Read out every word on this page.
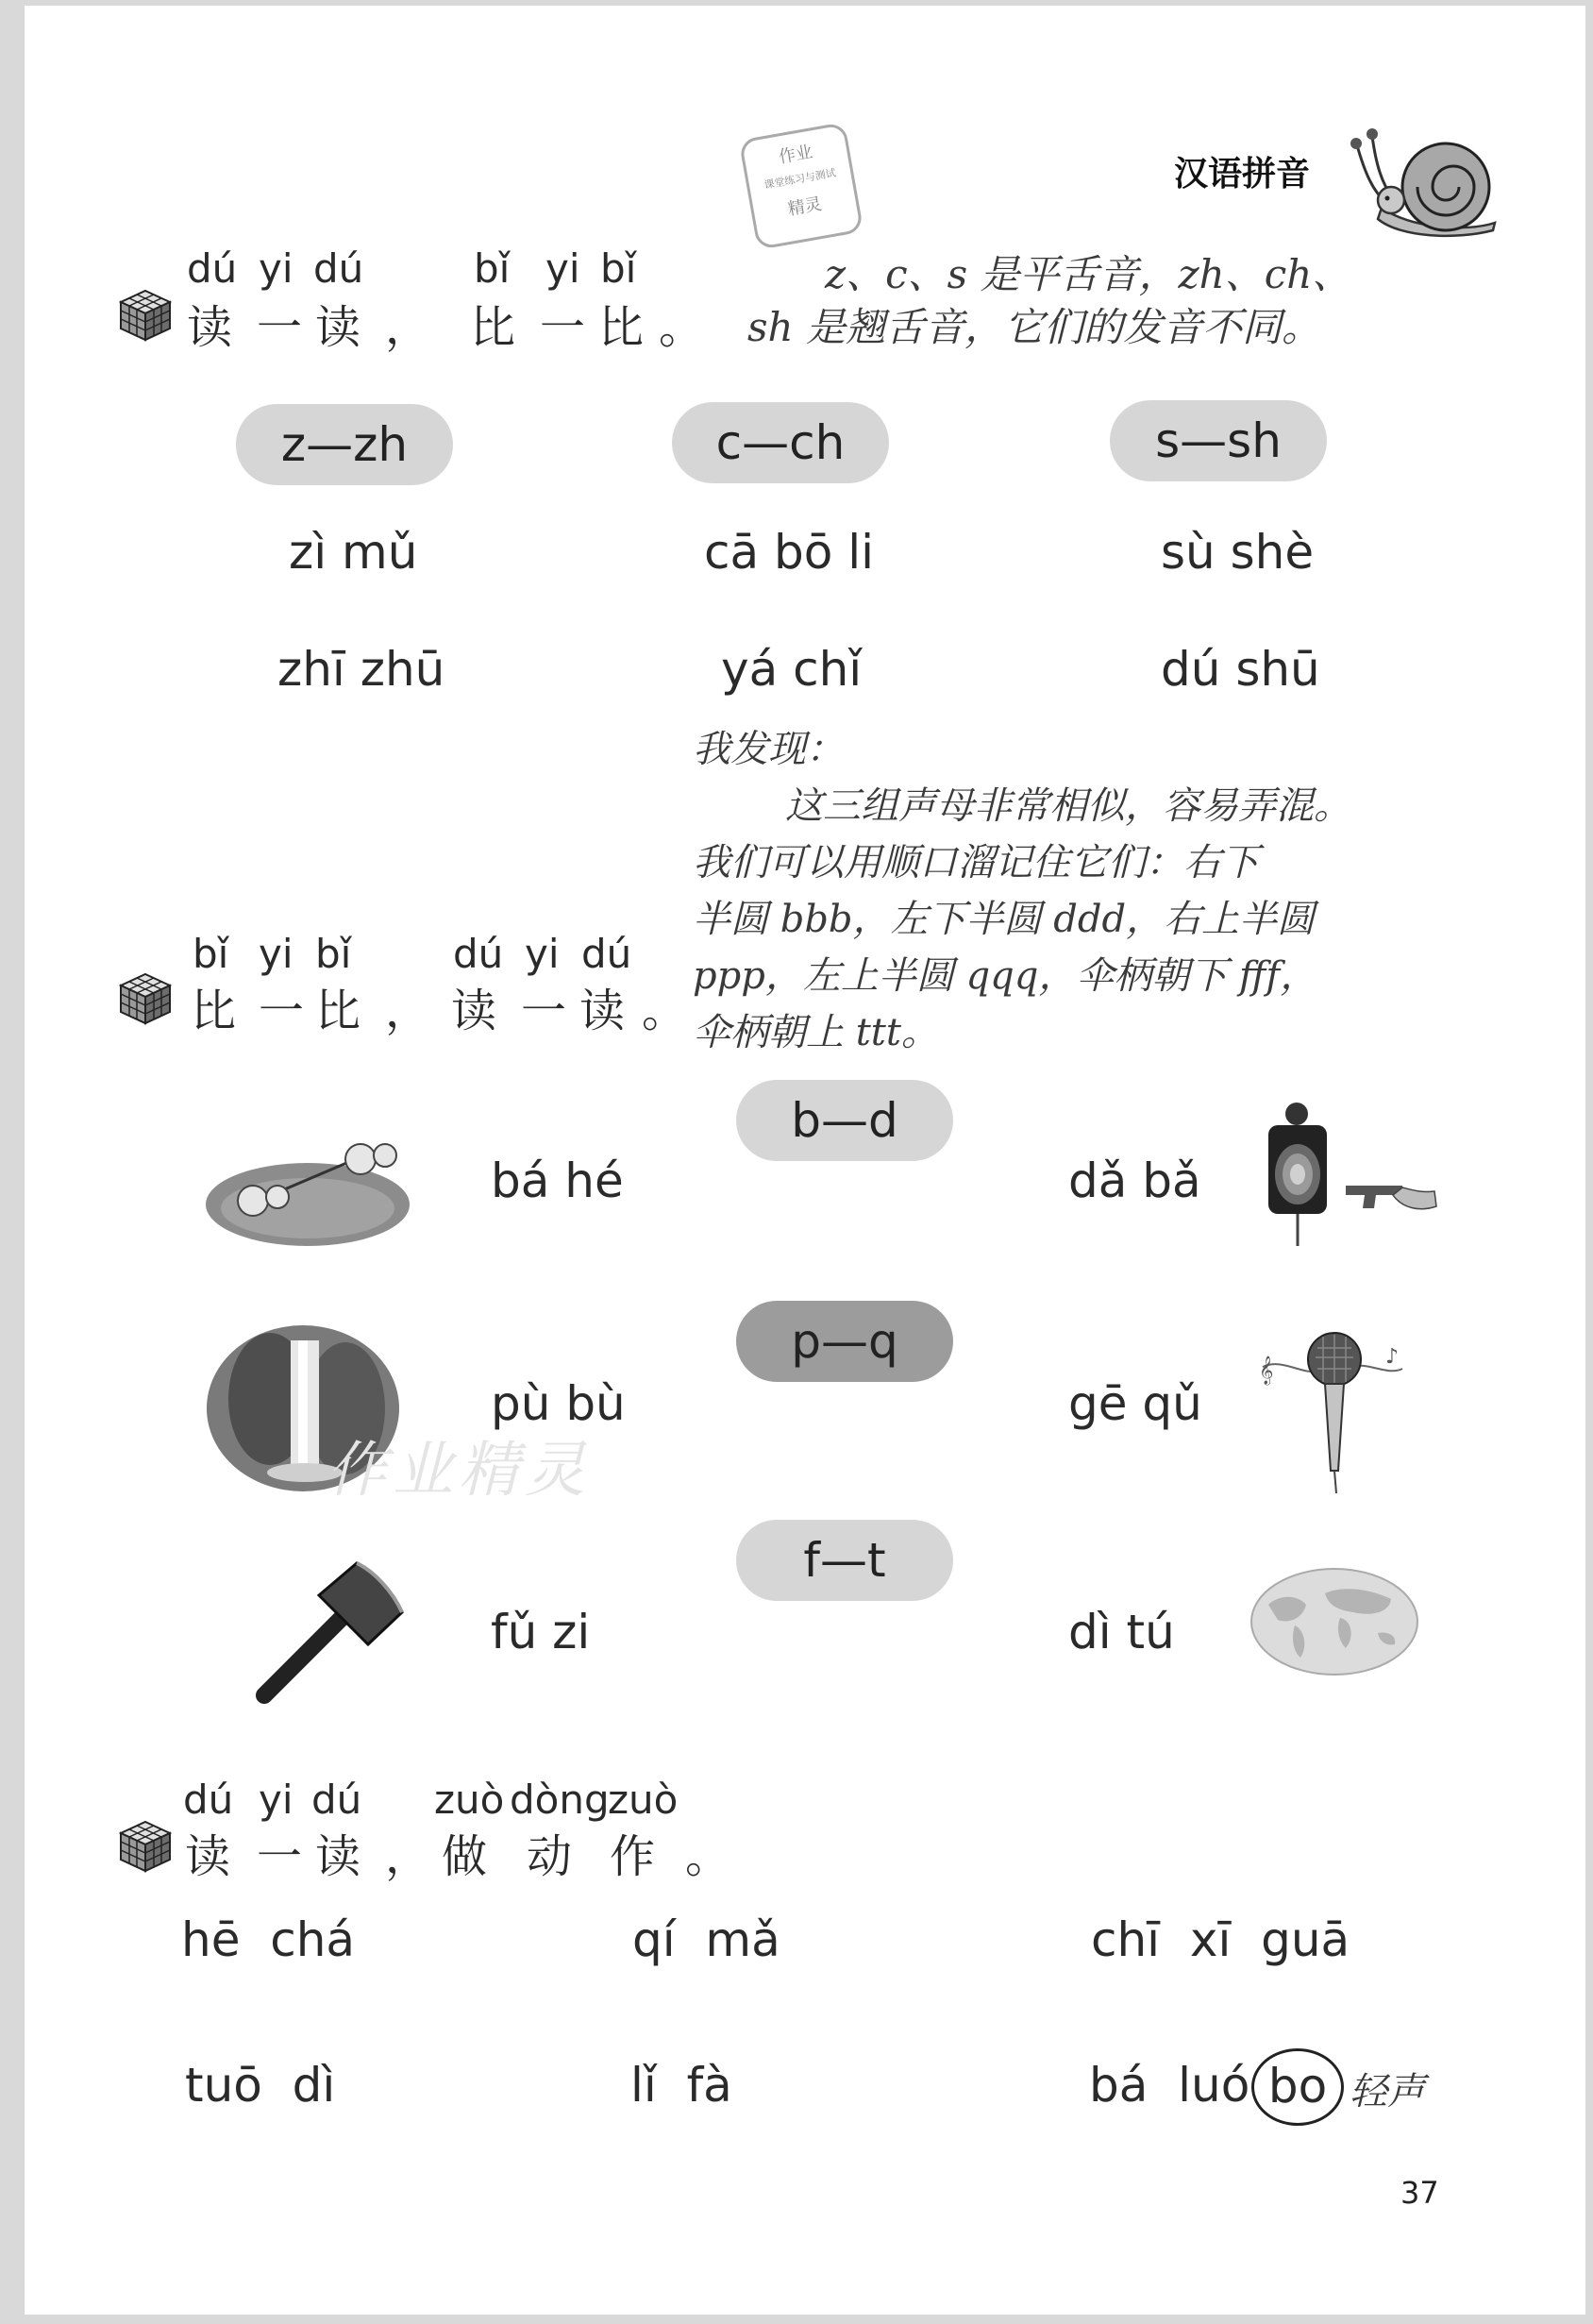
汉语拼音
作业
课堂练习与测试
精灵
dú yi dú	bǐ yi bǐ
读 一 读 ， 比 一 比 。
z、c、s 是平舌音，zh、ch、
sh 是翘舌音，它们的发音不同。
z—zh	c—ch	s—sh
zì mǔ	cā bō li	sù shè
zhī zhū	yá chǐ	dú shū
我发现：
这三组声母非常相似，容易弄混。
我们可以用顺口溜记住它们：右下
半圆 bbb，左下半圆 ddd，右上半圆
ppp，左上半圆 qqq，伞柄朝下 fff，
伞柄朝上 ttt。
bǐ yi bǐ	dú yi dú
比 一 比 ， 读 一 读 。
bá hé
b—d
dǎ bǎ
pù bù
作业精灵
p—q
gē qǔ
𝄞	♪
fǔ zi
f—t
dì tú
dú yi dú zuò dòng
zuò
读 一 读 ， 做 动 作 。
hē  chá	qí  mǎ	chī  xī  guā
tuō  dì	lǐ  fà	bá  luó bo 轻声
37
